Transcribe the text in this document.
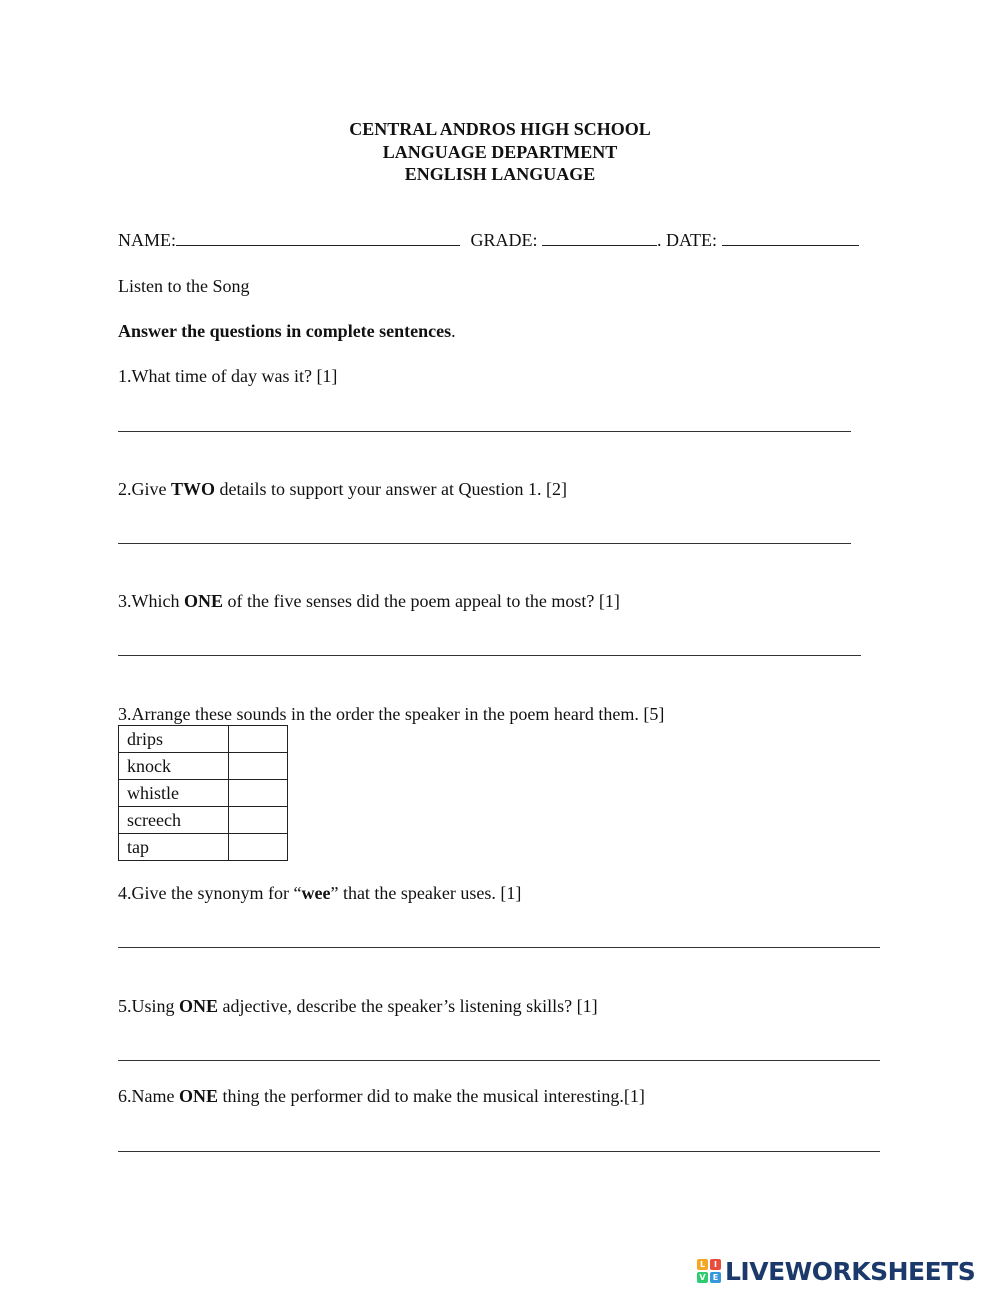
CENTRAL ANDROS HIGH SCHOOL
LANGUAGE DEPARTMENT
ENGLISH LANGUAGE
NAME:	GRADE:	. DATE:
Listen to the Song
Answer the questions in complete sentences.
1.What time of day was it? [1]
2.Give TWO details to support your answer at Question 1. [2]
3.Which ONE of the five senses did the poem appeal to the most? [1]
3.Arrange these sounds in the order the speaker in the poem heard them. [5]
drips	
knock	
whistle	
screech	
tap	
4.Give the synonym for “wee” that the speaker uses. [1]
5.Using ONE adjective, describe the speaker’s listening skills? [1]
6.Name ONE thing the performer did to make the musical interesting.[1]
L	I
V E LIVEWORKSHEETS
